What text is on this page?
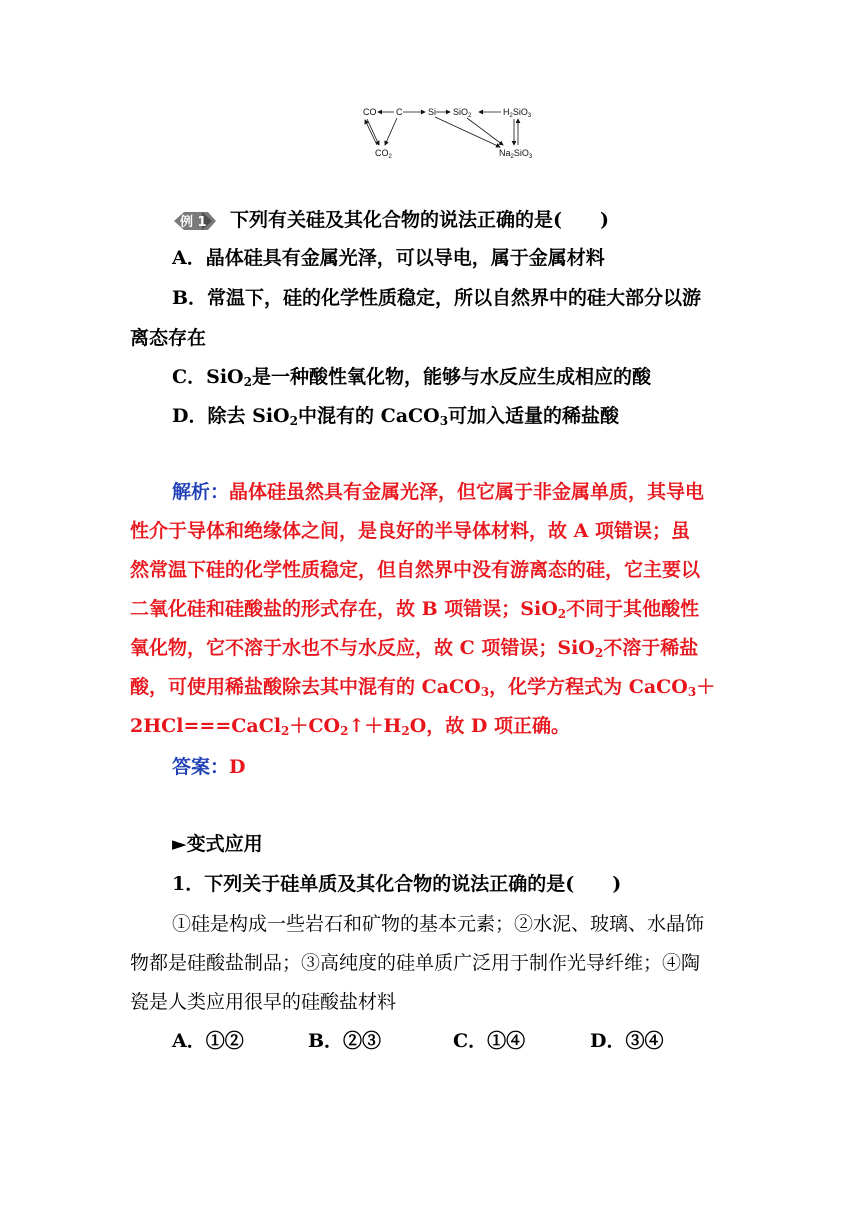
CO C	Si SiO$_2$	$H_2SiO_3$
$CO_2$	$Na_2SiO_3$
例 1 下列有关硅及其化合物的说法正确的是(　　)
A．晶体硅具有金属光泽，可以导电，属于金属材料
B．常温下，硅的化学性质稳定，所以自然界中的硅大部分以游
离态存在
C．SiO$_2$是一种酸性氧化物，能够与水反应生成相应的酸
D．除去 SiO$_2$中混有的 CaCO$_3$可加入适量的稀盐酸
解析：晶体硅虽然具有金属光泽，但它属于非金属单质，其导电
性介于导体和绝缘体之间，是良好的半导体材料，故 A 项错误；虽
然常温下硅的化学性质稳定，但自然界中没有游离态的硅，它主要以
二氧化硅和硅酸盐的形式存在，故 B 项错误；SiO$_2$不同于其他酸性
氧化物，它不溶于水也不与水反应，故 C 项错误；SiO$_2$不溶于稀盐
酸，可使用稀盐酸除去其中混有的 CaCO$_3$，化学方程式为 CaCO$_3$＋
$2HCl===CaCl_2+CO_2↑+H_2O$，故 D 项正确。
答案：D
►变式应用
1．下列关于硅单质及其化合物的说法正确的是(　　)
①硅是构成一些岩石和矿物的基本元素；②水泥、玻璃、水晶饰
物都是硅酸盐制品；③高纯度的硅单质广泛用于制作光导纤维；④陶
瓷是人类应用很早的硅酸盐材料
A．①②	B．②③	C．①④	D．③④
